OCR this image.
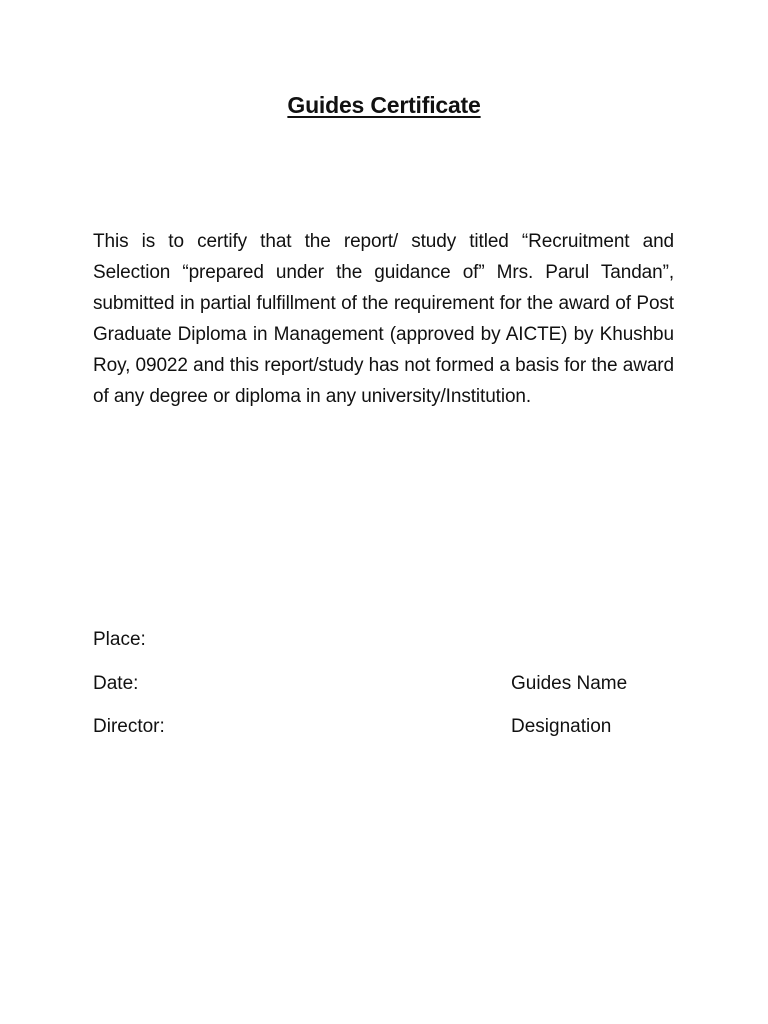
Guides Certificate
This is to certify that the report/ study titled “Recruitment and Selection “prepared under the guidance of” Mrs. Parul Tandan”, submitted in partial fulfillment of the requirement for the award of Post Graduate Diploma in Management (approved by AICTE) by Khushbu Roy, 09022 and this report/study has not formed a basis for the award of any degree or diploma in any university/Institution.
Place:
Date:
Director:
Guides Name
Designation
